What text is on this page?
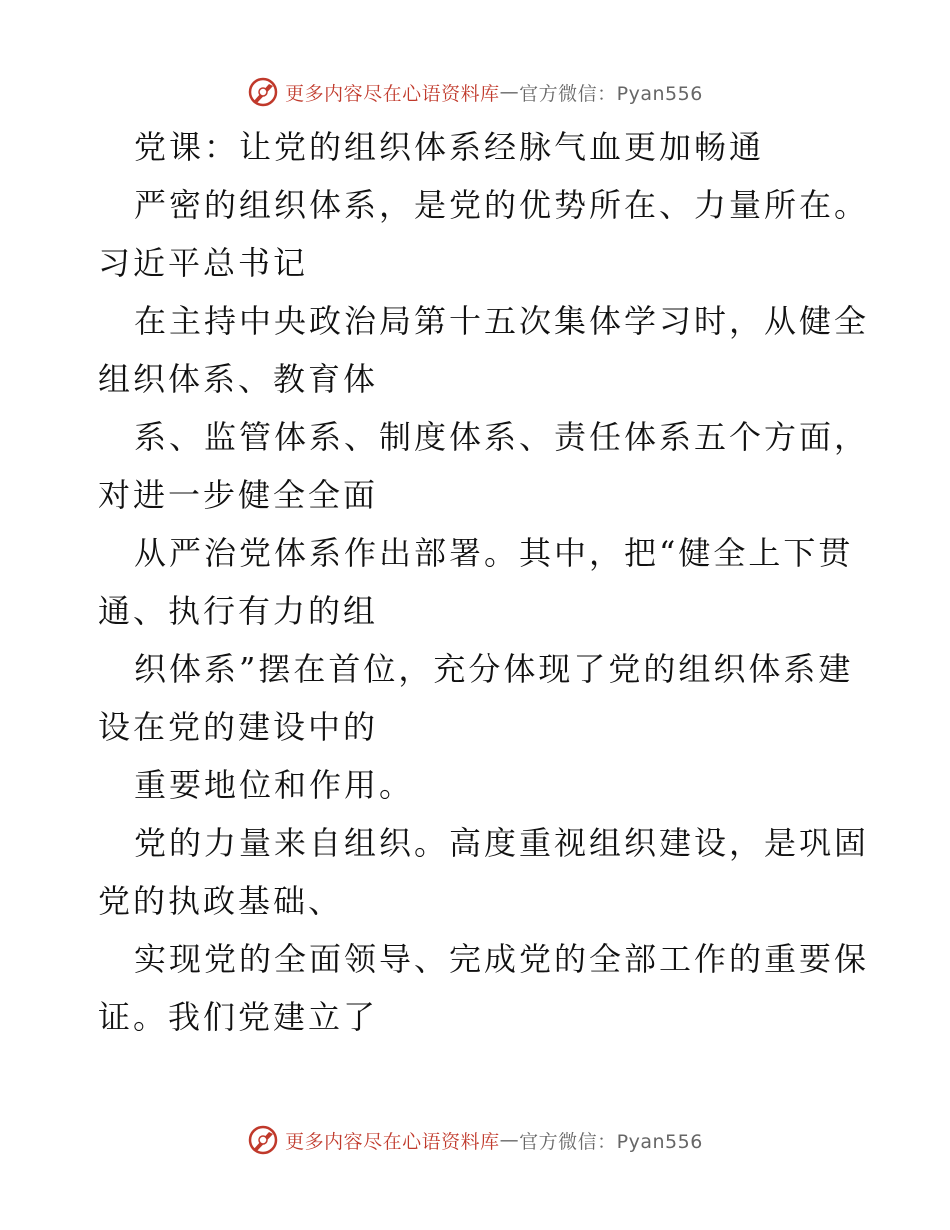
更多内容尽在心语资料库 — 官方微信：Pyan556
党课：让党的组织体系经脉气血更加畅通
严密的组织体系，是党的优势所在、力量所在。
习近平总书记
在主持中央政治局第十五次集体学习时，从健全
组织体系、教育体
系、监管体系、制度体系、责任体系五个方面，
对进一步健全全面
从严治党体系作出部署。其中，把“健全上下贯
通、执行有力的组
织体系”摆在首位，充分体现了党的组织体系建
设在党的建设中的
重要地位和作用。
党的力量来自组织。高度重视组织建设，是巩固
党的执政基础、
实现党的全面领导、完成党的全部工作的重要保
证。我们党建立了
更多内容尽在心语资料库 — 官方微信：Pyan556
